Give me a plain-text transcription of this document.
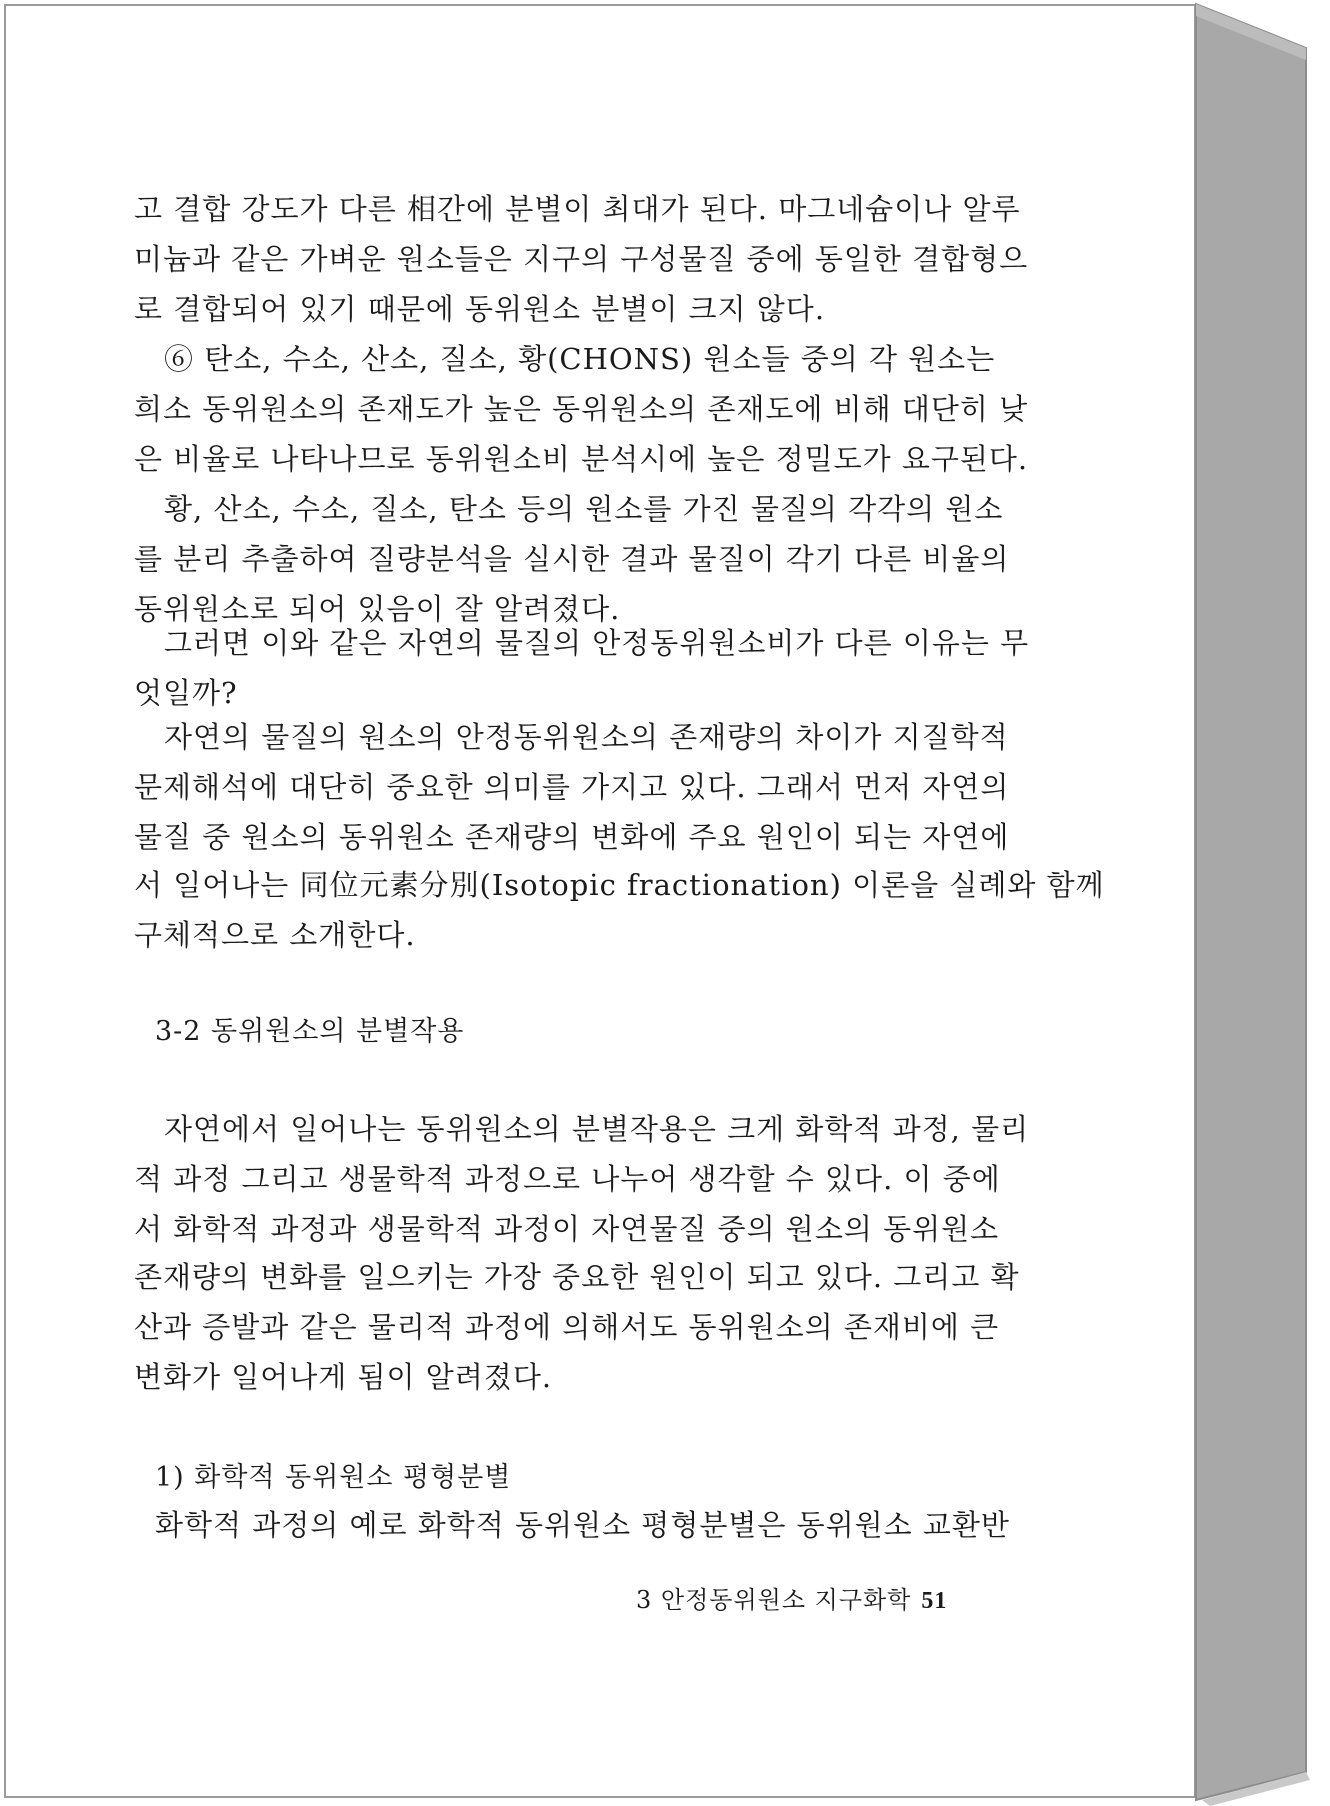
고 결합 강도가 다른 相간에 분별이 최대가 된다. 마그네슘이나 알루
미늄과 같은 가벼운 원소들은 지구의 구성물질 중에 동일한 결합형으
로 결합되어 있기 때문에 동위원소 분별이 크지 않다.
⑥ 탄소, 수소, 산소, 질소, 황(CHONS) 원소들 중의 각 원소는
희소 동위원소의 존재도가 높은 동위원소의 존재도에 비해 대단히 낮
은 비율로 나타나므로 동위원소비 분석시에 높은 정밀도가 요구된다.
황, 산소, 수소, 질소, 탄소 등의 원소를 가진 물질의 각각의 원소
를 분리 추출하여 질량분석을 실시한 결과 물질이 각기 다른 비율의
동위원소로 되어 있음이 잘 알려졌다.
그러면 이와 같은 자연의 물질의 안정동위원소비가 다른 이유는 무
엇일까?
자연의 물질의 원소의 안정동위원소의 존재량의 차이가 지질학적
문제해석에 대단히 중요한 의미를 가지고 있다. 그래서 먼저 자연의
물질 중 원소의 동위원소 존재량의 변화에 주요 원인이 되는 자연에
서 일어나는 同位元素分別(Isotopic fractionation) 이론을 실례와 함께
구체적으로 소개한다.
3-2 동위원소의 분별작용
자연에서 일어나는 동위원소의 분별작용은 크게 화학적 과정, 물리
적 과정 그리고 생물학적 과정으로 나누어 생각할 수 있다. 이 중에
서 화학적 과정과 생물학적 과정이 자연물질 중의 원소의 동위원소
존재량의 변화를 일으키는 가장 중요한 원인이 되고 있다. 그리고 확
산과 증발과 같은 물리적 과정에 의해서도 동위원소의 존재비에 큰
변화가 일어나게 됨이 알려졌다.
1) 화학적 동위원소 평형분별
화학적 과정의 예로 화학적 동위원소 평형분별은 동위원소 교환반
3 안정동위원소 지구화학 51
